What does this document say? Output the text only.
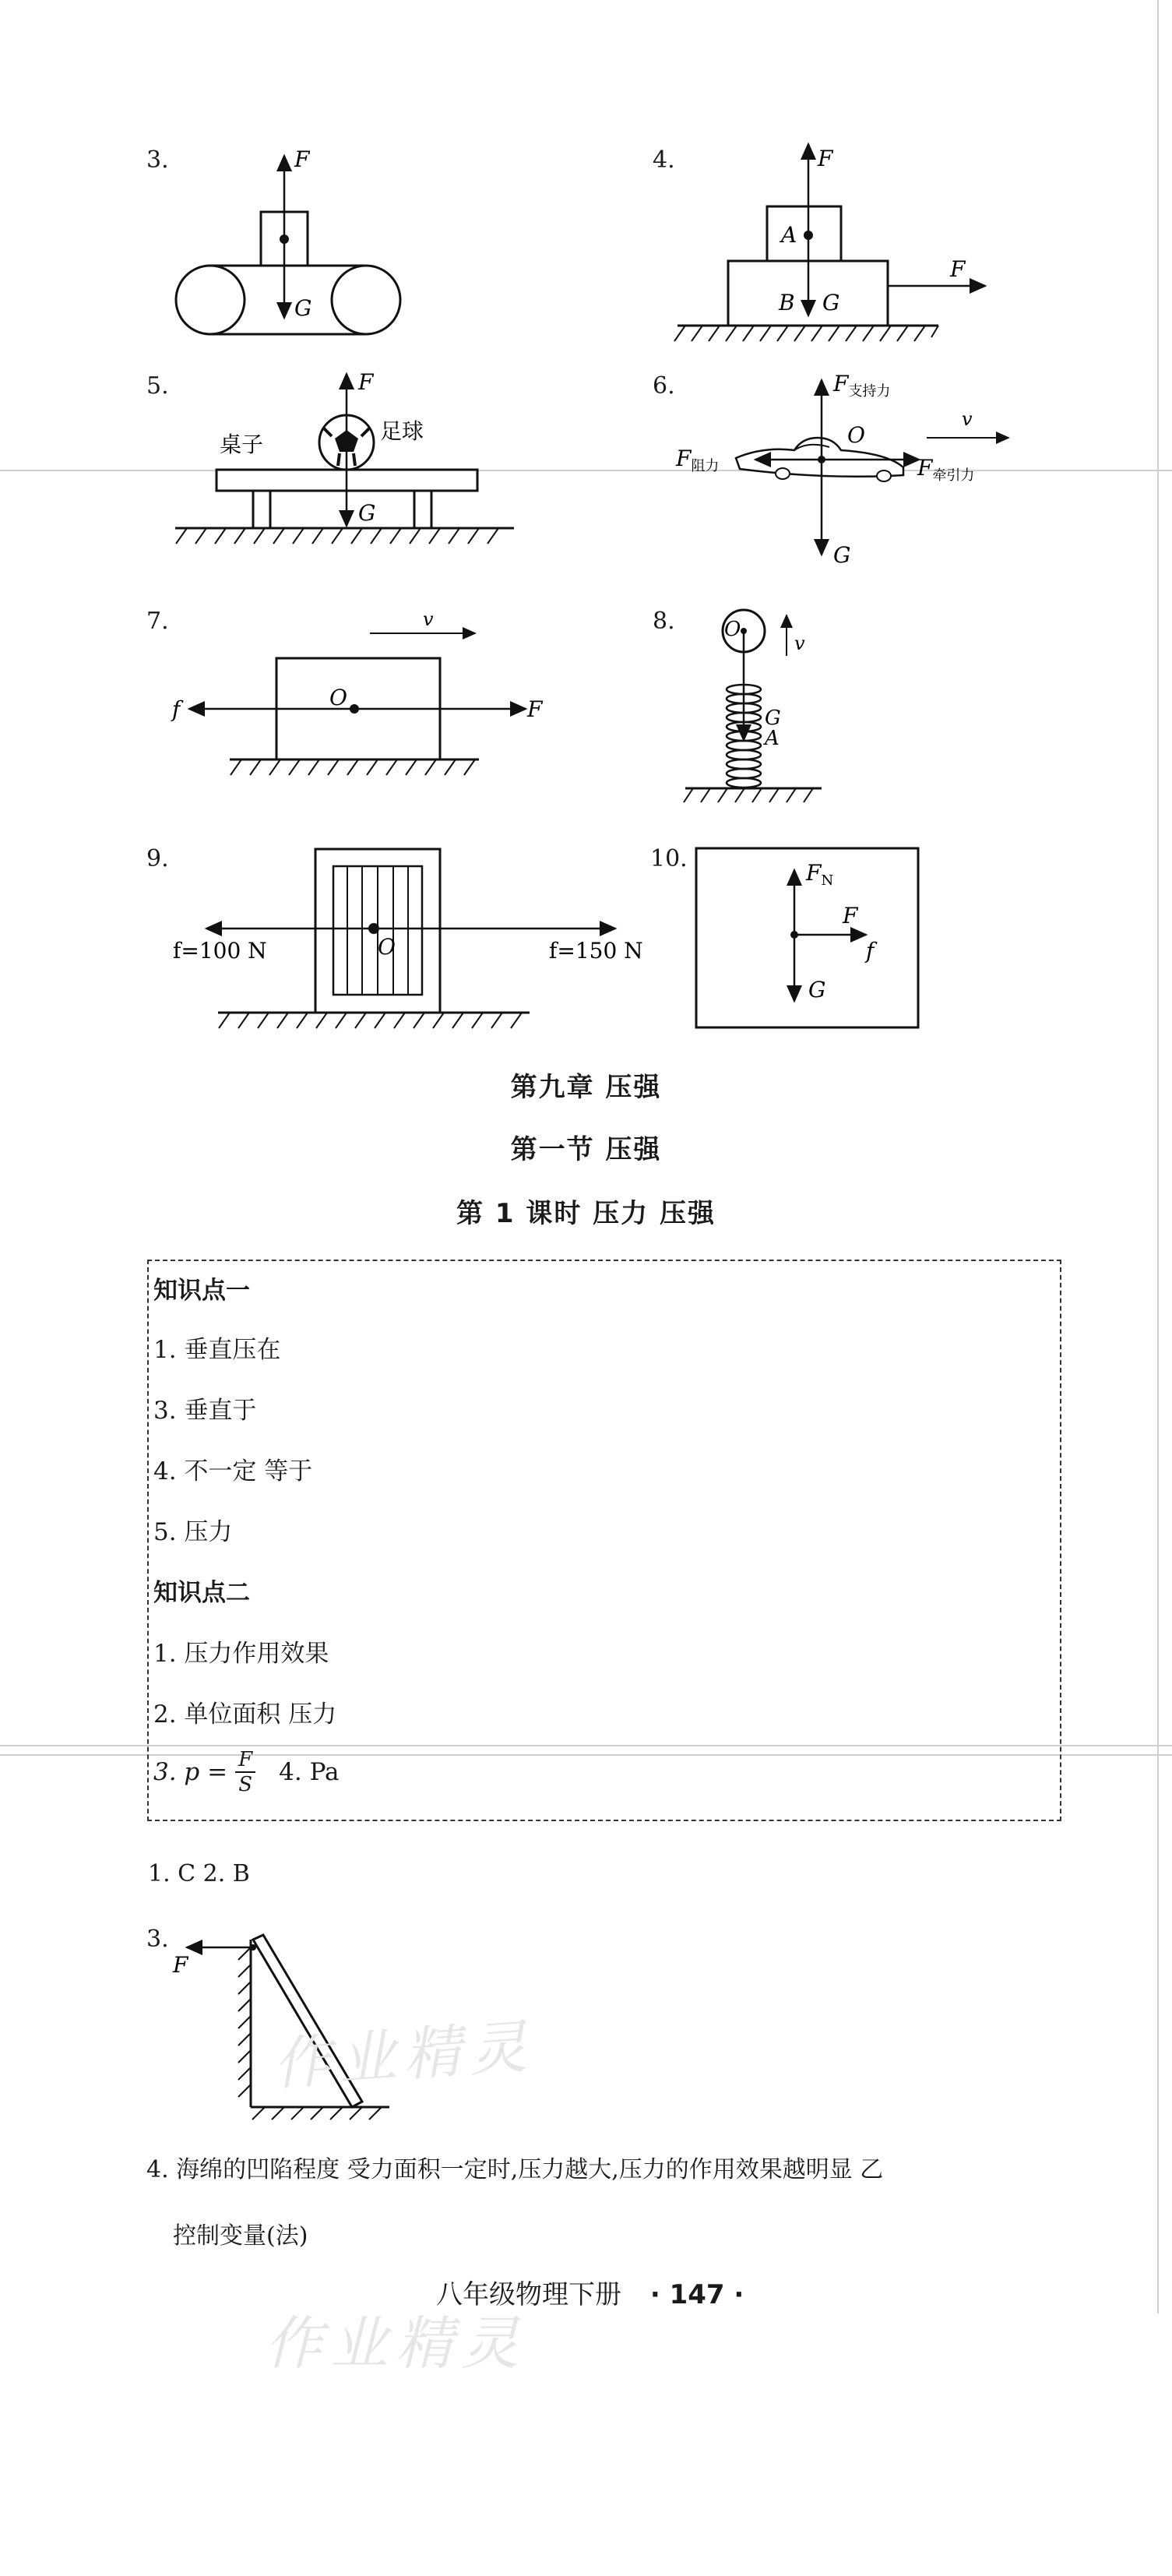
3.	F
G
4.	F
A
B G
F
5.	F
G
足球
桌子
6.	$F_{支持力}$
v
O
$F_{阻力}$	$F_{牵引力}$
G
7.	v
O
f	F
8. O
v
G
A
9.
O
f=100 N	f=150 N
10.
$F_N$
F
f
G
第九章 压强
第一节 压强
第 1 课时 压力 压强
知识点一
1. 垂直压在
3. 垂直于
4. 不一定 等于
5. 压力
知识点二
1. 压力作用效果
2. 单位面积 压力
3. $p = \frac{F}{S} 4$. Pa
1. C 2. B
3.
F
4. 海绵的凹陷程度 受力面积一定时,压力越大,压力的作用效果越明显 乙
控制变量(法)
作业精灵
作业精灵
八年级物理下册 · 147 ·
